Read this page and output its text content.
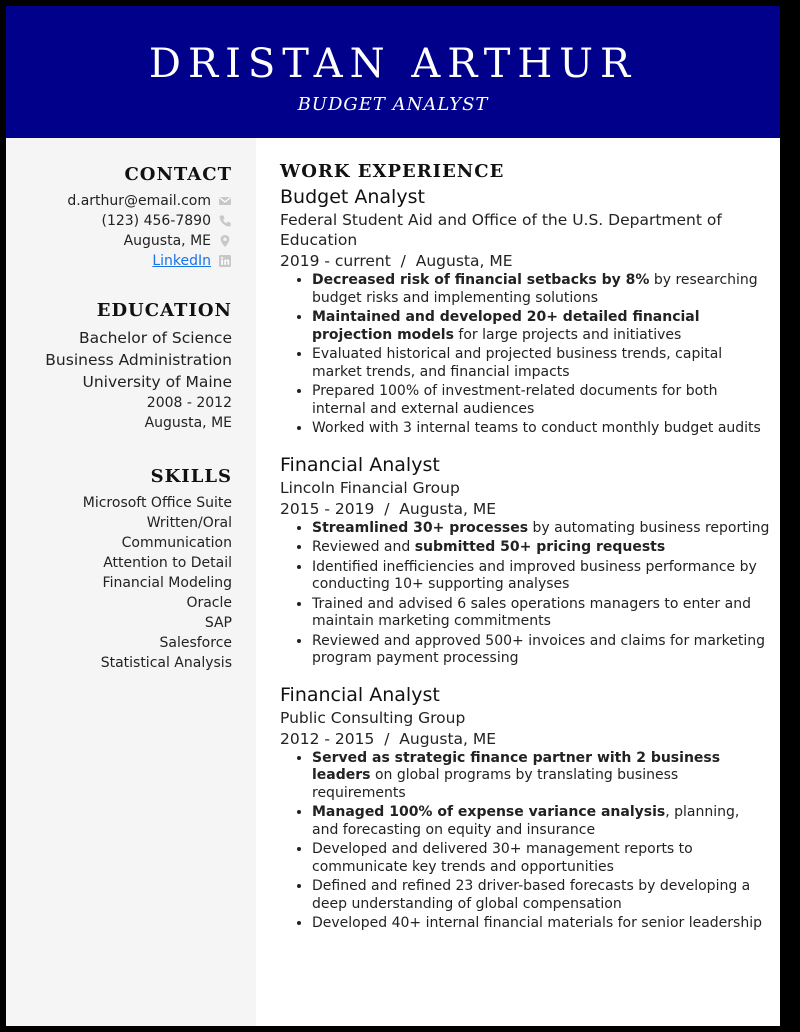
DRISTAN ARTHUR
BUDGET ANALYST
CONTACT
d.arthur@email.com
(123) 456-7890
Augusta, ME
LinkedIn
EDUCATION
Bachelor of Science
Business Administration
University of Maine
2008 - 2012
Augusta, ME
SKILLS
Microsoft Office Suite
Written/Oral
Communication
Attention to Detail
Financial Modeling
Oracle
SAP
Salesforce
Statistical Analysis
WORK EXPERIENCE
Budget Analyst
Federal Student Aid and Office of the U.S. Department of Education
2019 - current  /  Augusta, ME
• Decreased risk of financial setbacks by 8% by researching budget risks and implementing solutions
• Maintained and developed 20+ detailed financial projection models for large projects and initiatives
• Evaluated historical and projected business trends, capital market trends, and financial impacts
• Prepared 100% of investment-related documents for both internal and external audiences
• Worked with 3 internal teams to conduct monthly budget audits
Financial Analyst
Lincoln Financial Group
2015 - 2019  /  Augusta, ME
• Streamlined 30+ processes by automating business reporting
• Reviewed and submitted 50+ pricing requests
• Identified inefficiencies and improved business performance by conducting 10+ supporting analyses
• Trained and advised 6 sales operations managers to enter and maintain marketing commitments
• Reviewed and approved 500+ invoices and claims for marketing program payment processing
Financial Analyst
Public Consulting Group
2012 - 2015  /  Augusta, ME
• Served as strategic finance partner with 2 business leaders on global programs by translating business requirements
• Managed 100% of expense variance analysis, planning, and forecasting on equity and insurance
• Developed and delivered 30+ management reports to communicate key trends and opportunities
• Defined and refined 23 driver-based forecasts by developing a deep understanding of global compensation
• Developed 40+ internal financial materials for senior leadership
